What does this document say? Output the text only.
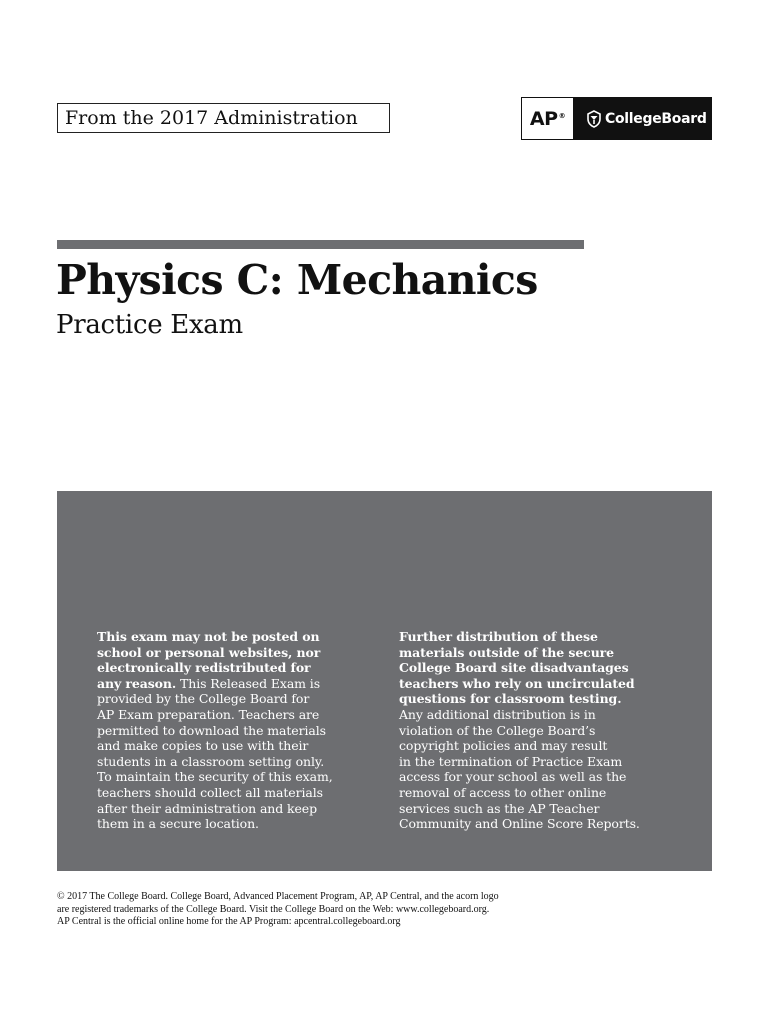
From the 2017 Administration	AP®	CollegeBoard
Physics C: Mechanics
Practice Exam
This exam may not be posted on
school or personal websites, nor
electronically redistributed for
any reason. This Released Exam is
provided by the College Board for
AP Exam preparation. Teachers are
permitted to download the materials
and make copies to use with their
students in a classroom setting only.
To maintain the security of this exam,
teachers should collect all materials
after their administration and keep
them in a secure location.
Further distribution of these
materials outside of the secure
College Board site disadvantages
teachers who rely on uncirculated
questions for classroom testing.
Any additional distribution is in
violation of the College Board’s
copyright policies and may result
in the termination of Practice Exam
access for your school as well as the
removal of access to other online
services such as the AP Teacher
Community and Online Score Reports.
© 2017 The College Board. College Board, Advanced Placement Program, AP, AP Central, and the acorn logo
are registered trademarks of the College Board. Visit the College Board on the Web: www.collegeboard.org.
AP Central is the official online home for the AP Program: apcentral.collegeboard.org
